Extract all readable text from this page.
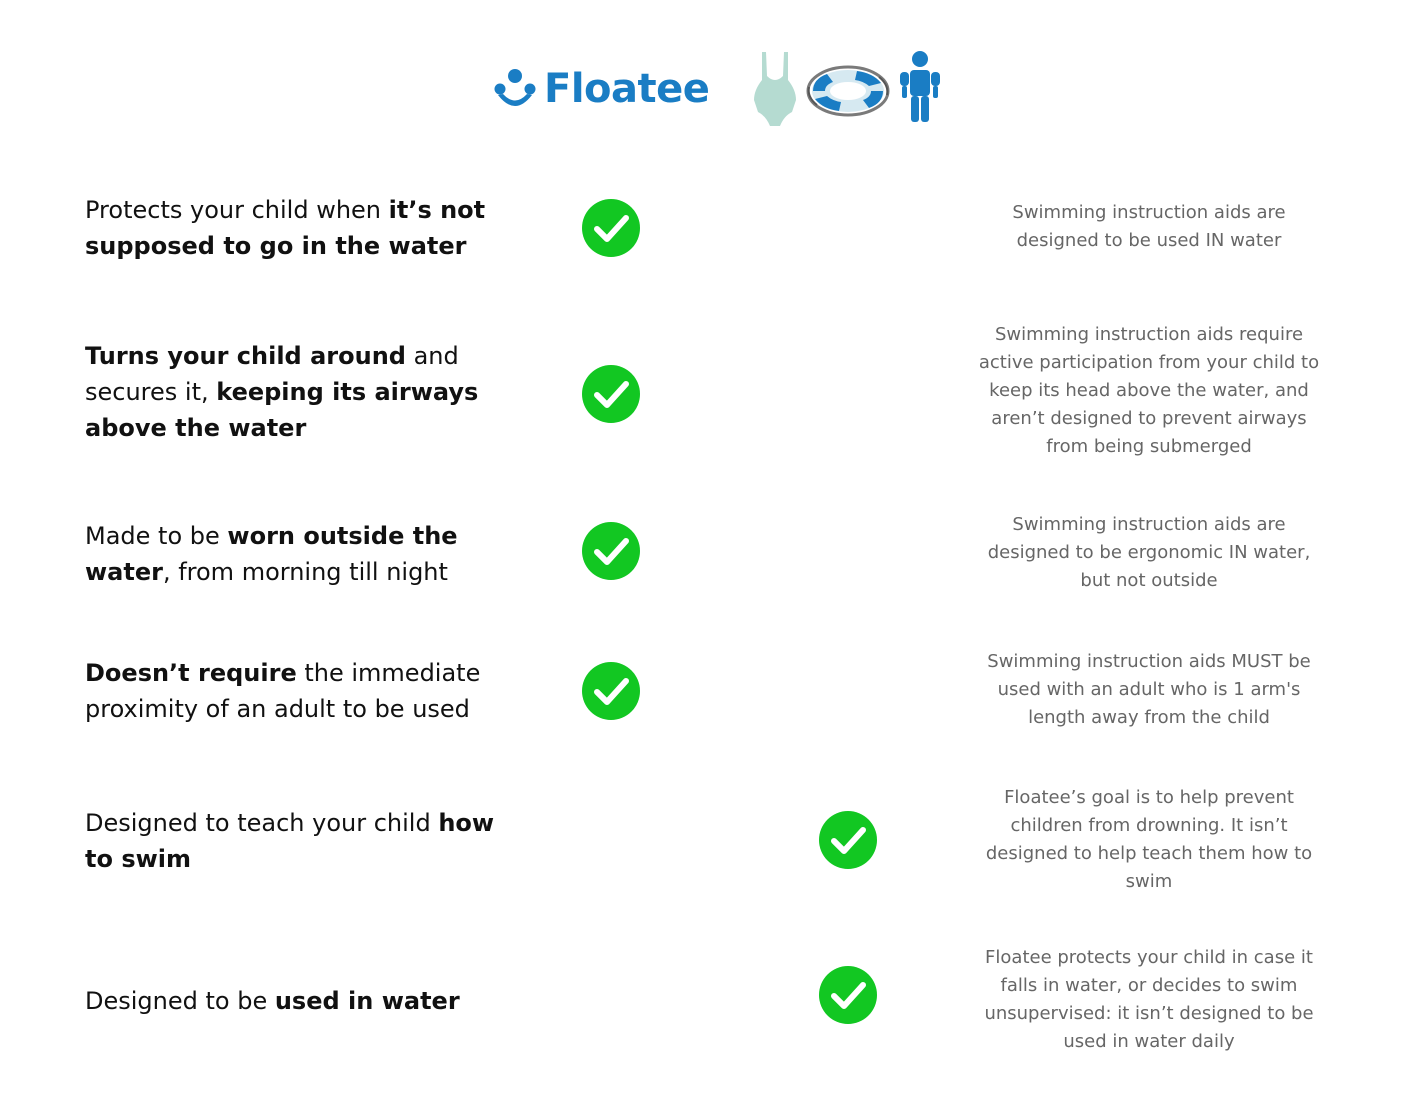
Floatee
Protects your child when it’s not supposed to go in the water
Swimming instruction aids are designed to be used IN water
Turns your child around and secures it, keeping its airways above the water
Swimming instruction aids require active participation from your child to keep its head above the water, and aren’t designed to prevent airways from being submerged
Made to be worn outside the water, from morning till night
Swimming instruction aids are designed to be ergonomic IN water, but not outside
Doesn’t require the immediate proximity of an adult to be used
Swimming instruction aids MUST be used with an adult who is 1 arm's length away from the child
Designed to teach your child how to swim
Floatee’s goal is to help prevent children from drowning. It isn’t designed to help teach them how to swim
Designed to be used in water
Floatee protects your child in case it falls in water, or decides to swim unsupervised: it isn’t designed to be used in water daily
